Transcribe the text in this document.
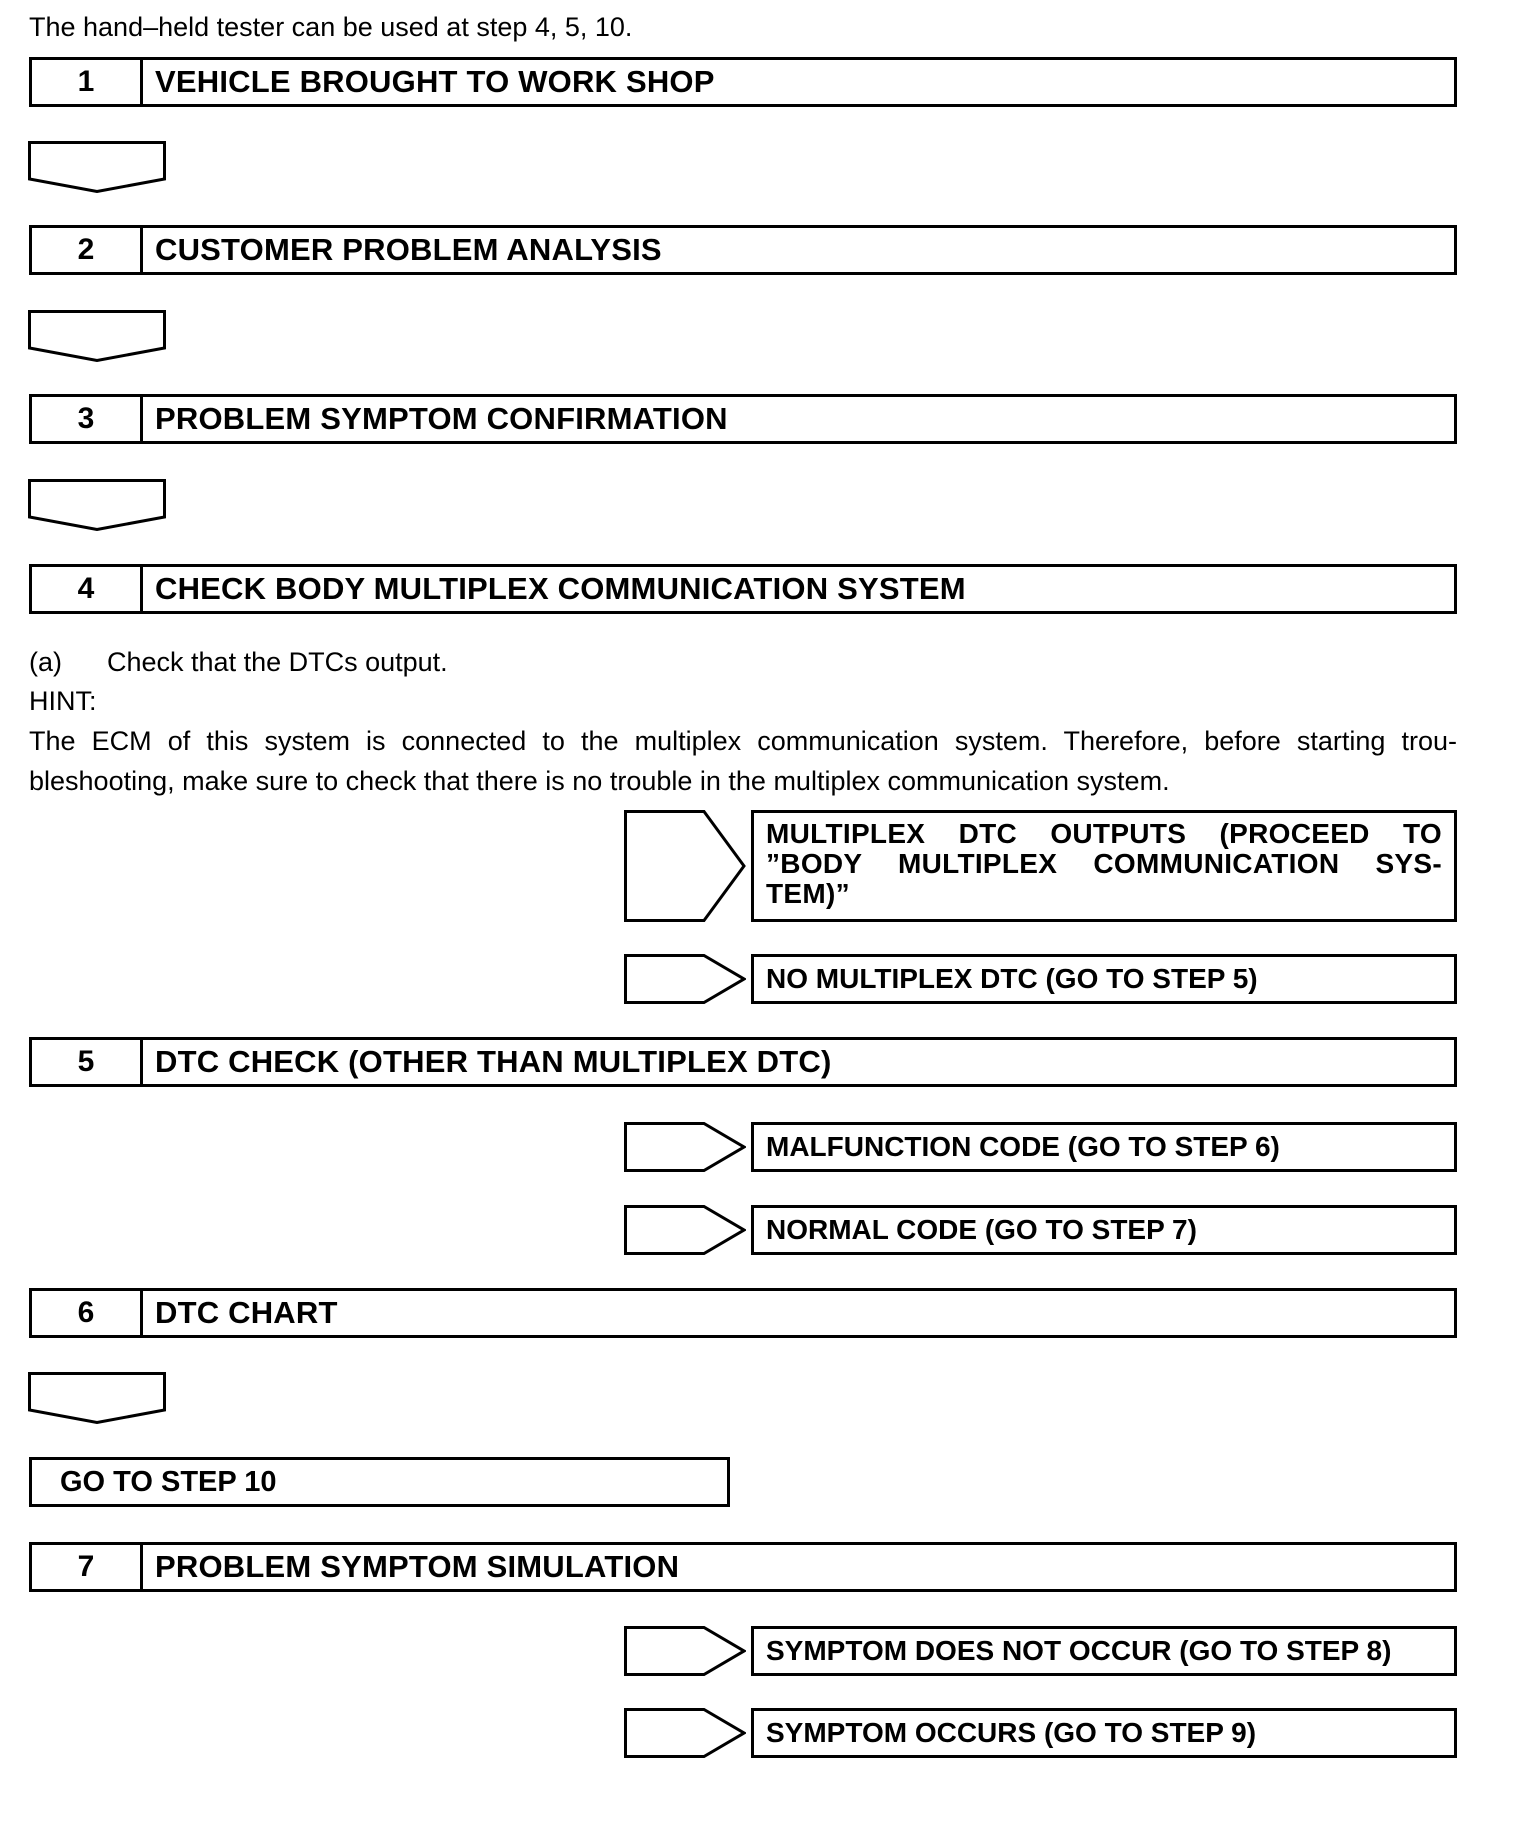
The hand–held tester can be used at step 4, 5, 10.
1	VEHICLE BROUGHT TO WORK SHOP
2	CUSTOMER PROBLEM ANALYSIS
3	PROBLEM SYMPTOM CONFIRMATION
4	CHECK BODY MULTIPLEX COMMUNICATION SYSTEM
(a) Check that the DTCs output.
HINT:
The ECM of this system is connected to the multiplex communication system. Therefore, before starting trou-bleshooting, make sure to check that there is no trouble in the multiplex communication system.
MULTIPLEX DTC OUTPUTS (PROCEED TO ”BODY MULTIPLEX COMMUNICATION SYS-TEM)”
NO MULTIPLEX DTC (GO TO STEP 5)
5	DTC CHECK (OTHER THAN MULTIPLEX DTC)
MALFUNCTION CODE (GO TO STEP 6)
NORMAL CODE (GO TO STEP 7)
6	DTC CHART
GO TO STEP 10
7	PROBLEM SYMPTOM SIMULATION
SYMPTOM DOES NOT OCCUR (GO TO STEP 8)
SYMPTOM OCCURS (GO TO STEP 9)
